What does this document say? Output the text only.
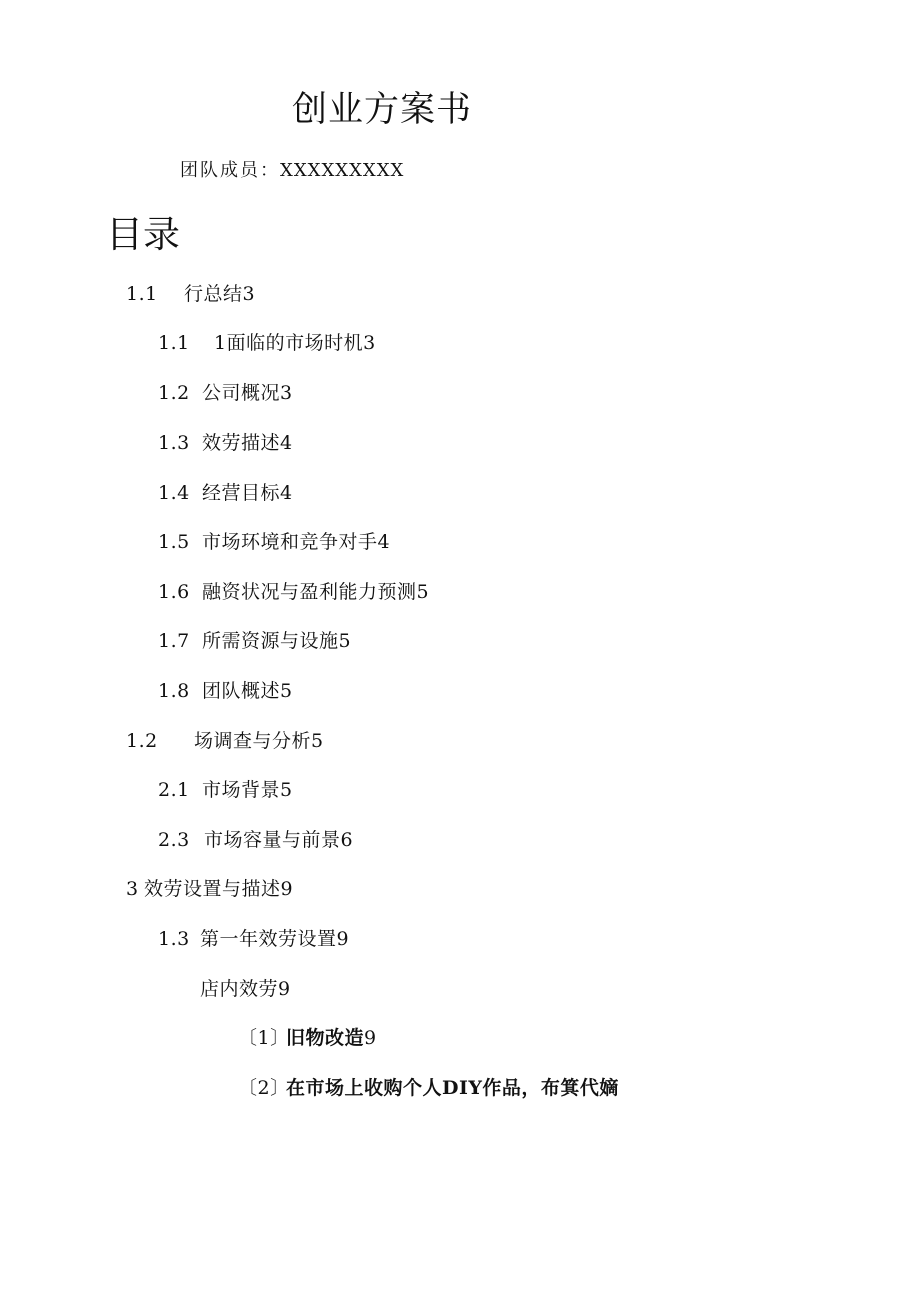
创业方案书
团队成员：XXXXXXXXX
目录
1.1 行总结3
1.1 1面临的市场时机3
1.2 公司概况3
1.3 效劳描述4
1.4 经营目标4
1.5 市场环境和竞争对手4
1.6 融资状况与盈利能力预测5
1.7 所需资源与设施5
1.8 团队概述5
1.2 场调查与分析5
2.1 市场背景5
2.3 市场容量与前景6
3 效劳设置与描述9
1.3 第一年效劳设置9
店内效劳9
〔1〕旧物改造9
〔2〕在市场上收购个人DIY作品，布箕代嫡
